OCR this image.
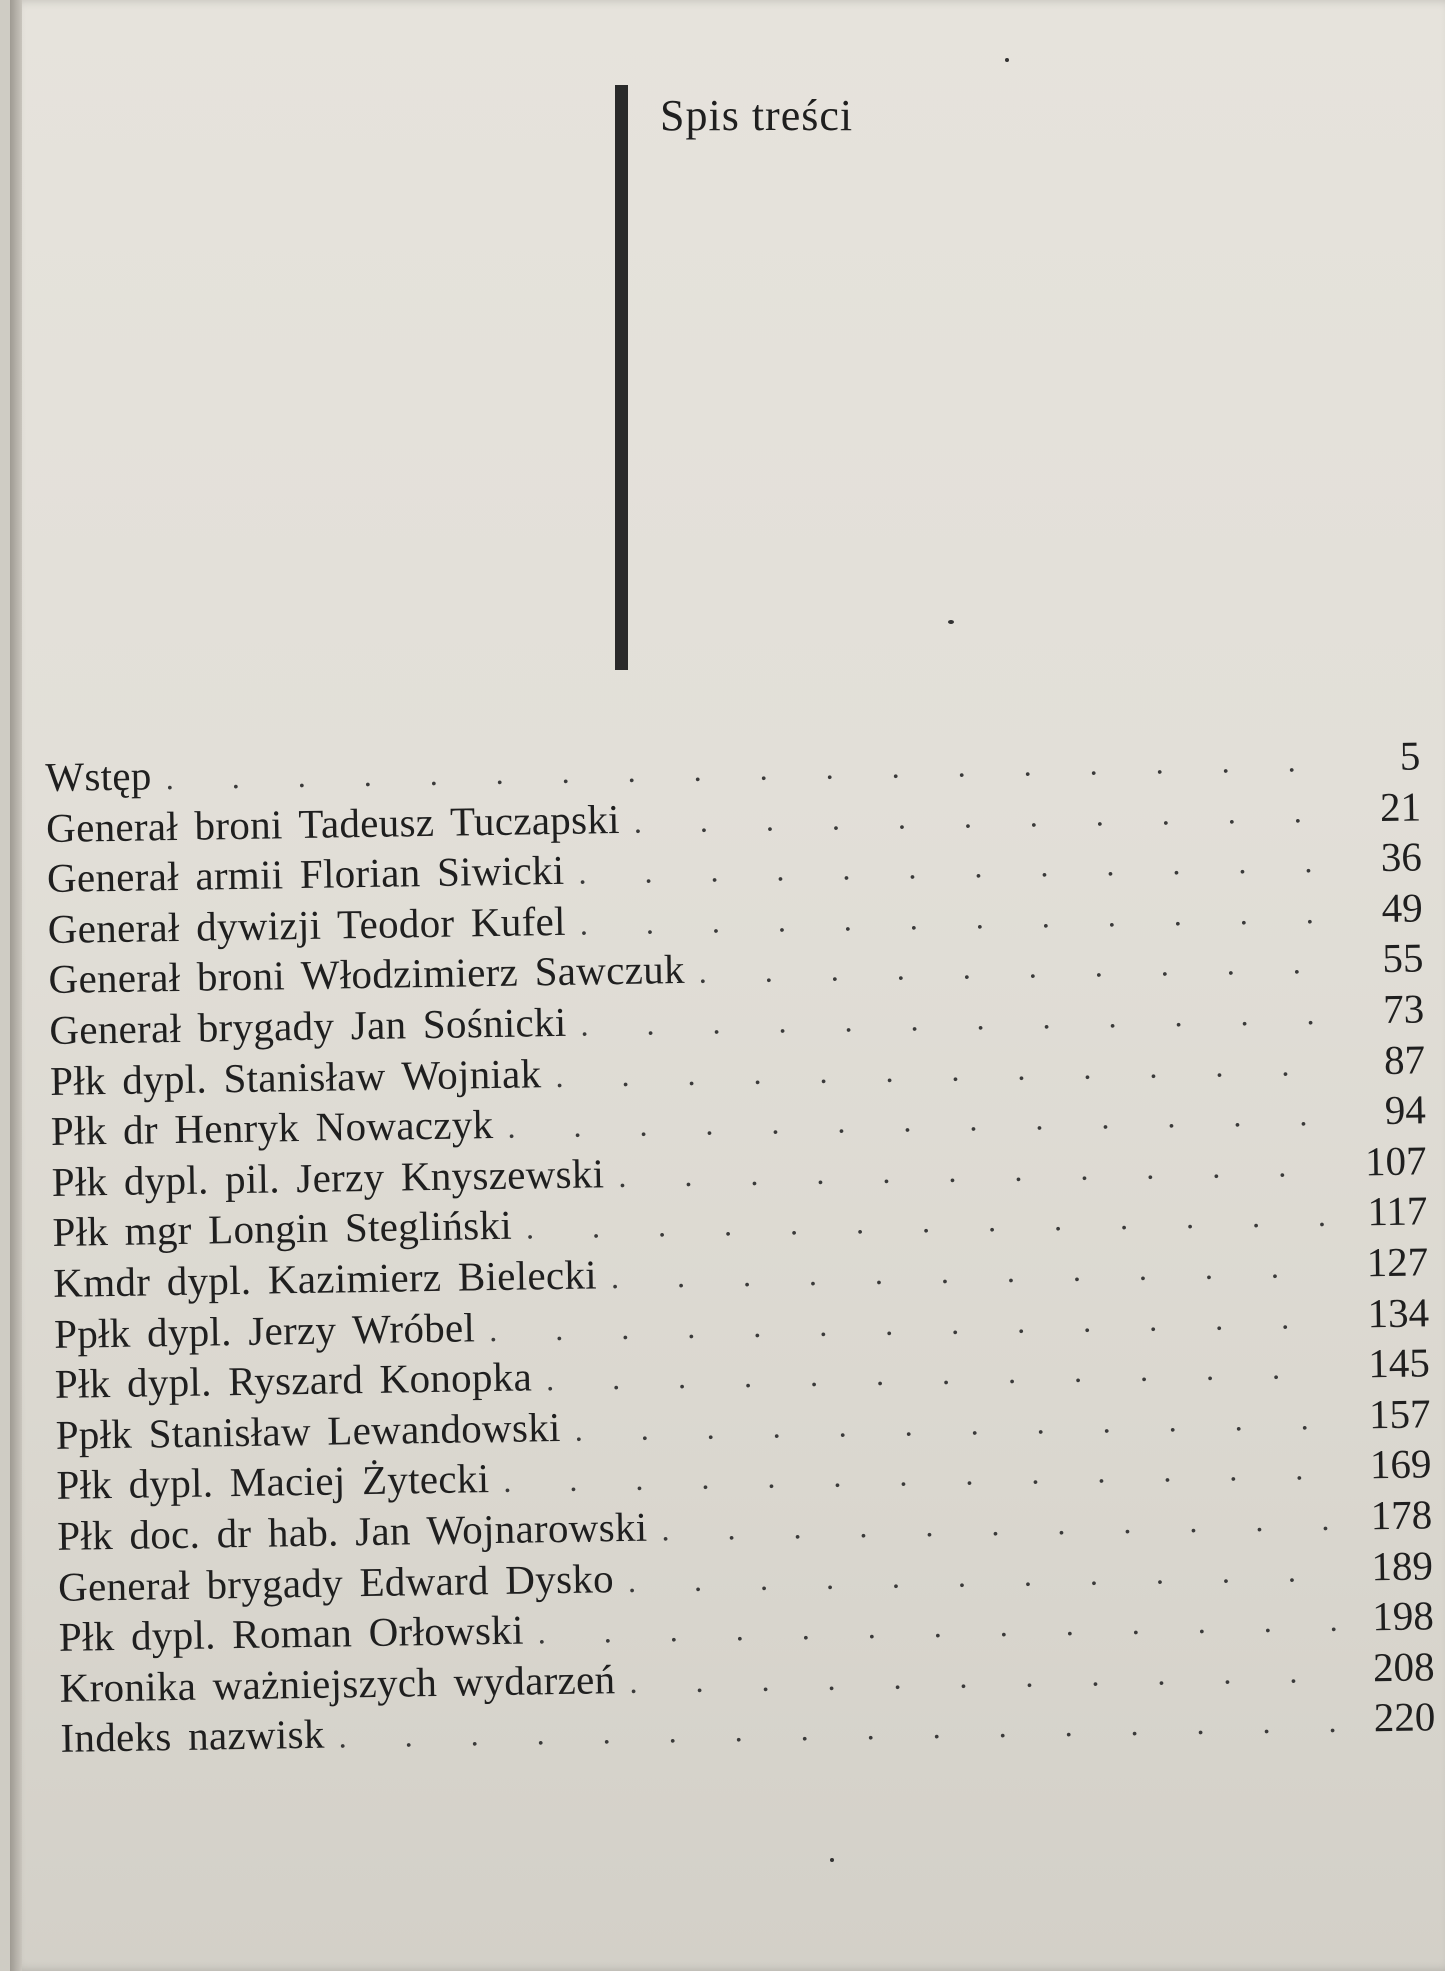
Spis treści
Wstęp . . .	5
Generał broni Tadeusz Tuczapski . . .	21
Generał armii Florian Siwicki . . .	36
Generał dywizji Teodor Kufel . . .	49
Generał broni Włodzimierz Sawczuk . . .	55
Generał brygady Jan Sośnicki . . .	73
Płk dypl. Stanisław Wojniak . . .	87
Płk dr Henryk Nowaczyk . . .	94
Płk dypl. pil. Jerzy Knyszewski . . .	107
Płk mgr Longin Stegliński . . .	117
Kmdr dypl. Kazimierz Bielecki . . .	127
Ppłk dypl. Jerzy Wróbel . . .	134
Płk dypl. Ryszard Konopka . . .	145
Ppłk Stanisław Lewandowski . . .	157
Płk dypl. Maciej Żytecki . . .	169
Płk doc. dr hab. Jan Wojnarowski . . .	178
Generał brygady Edward Dysko . . .	189
Płk dypl. Roman Orłowski . . .	198
Kronika ważniejszych wydarzeń . . .	208
Indeks nazwisk . . .	220
